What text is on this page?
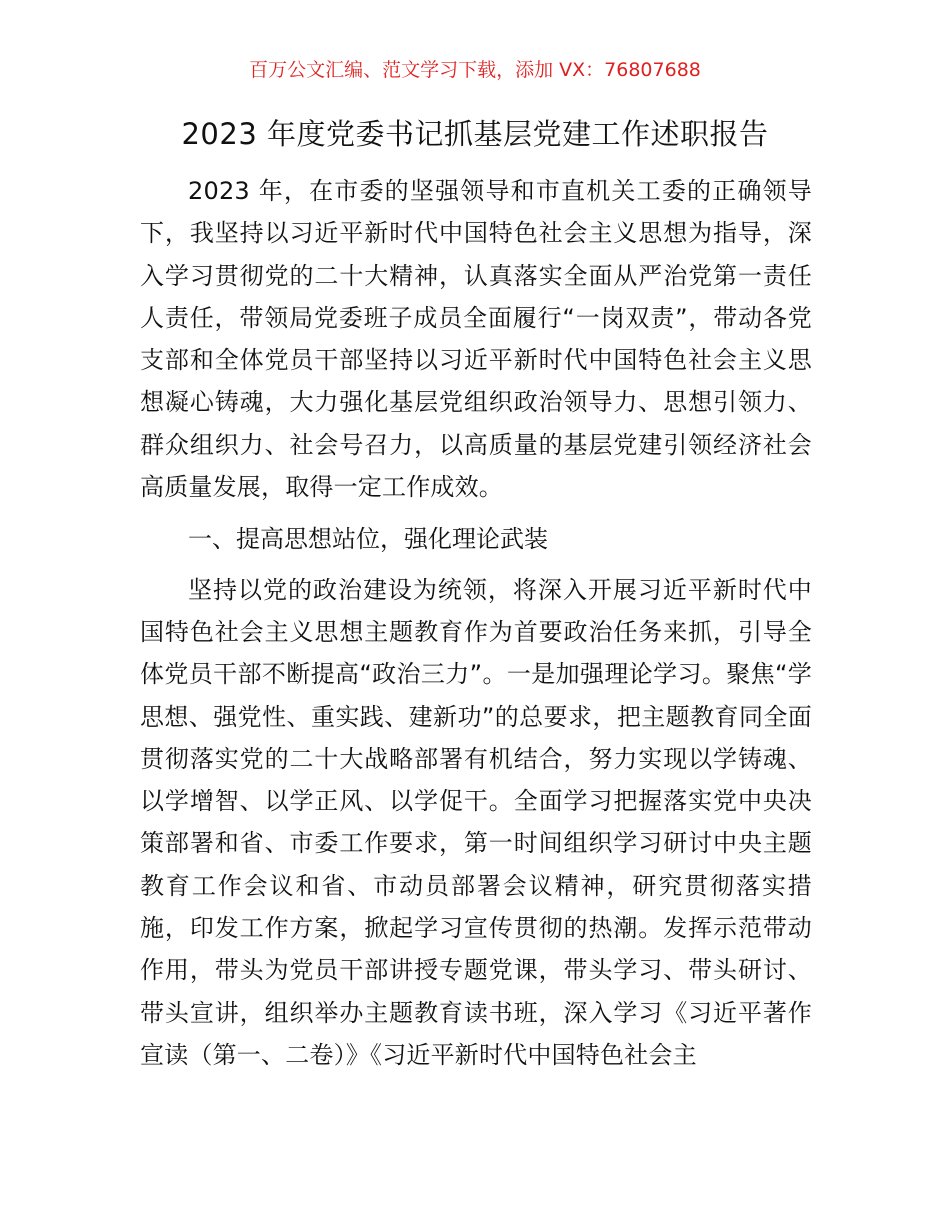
百万公文汇编、范文学习下载，添加 VX：76807688
2023 年度党委书记抓基层党建工作述职报告

2023 年，在市委的坚强领导和市直机关工委的正确领导下，我坚持以习近平新时代中国特色社会主义思想为指导，深入学习贯彻党的二十大精神，认真落实全面从严治党第一责任人责任，带领局党委班子成员全面履行“一岗双责”，带动各党支部和全体党员干部坚持以习近平新时代中国特色社会主义思想凝心铸魂，大力强化基层党组织政治领导力、思想引领力、群众组织力、社会号召力，以高质量的基层党建引领经济社会高质量发展，取得一定工作成效。

一、提高思想站位，强化理论武装

坚持以党的政治建设为统领，将深入开展习近平新时代中国特色社会主义思想主题教育作为首要政治任务来抓，引导全体党员干部不断提高“政治三力”。一是加强理论学习。聚焦“学思想、强党性、重实践、建新功”的总要求，把主题教育同全面贯彻落实党的二十大战略部署有机结合，努力实现以学铸魂、以学增智、以学正风、以学促干。全面学习把握落实党中央决策部署和省、市委工作要求，第一时间组织学习研讨中央主题教育工作会议和省、市动员部署会议精神，研究贯彻落实措施，印发工作方案，掀起学习宣传贯彻的热潮。发挥示范带动作用，带头为党员干部讲授专题党课，带头学习、带头研讨、带头宣讲，组织举办主题教育读书班，深入学习《习近平著作宣读（第一、二卷）》《习近平新时代中国特色社会主
